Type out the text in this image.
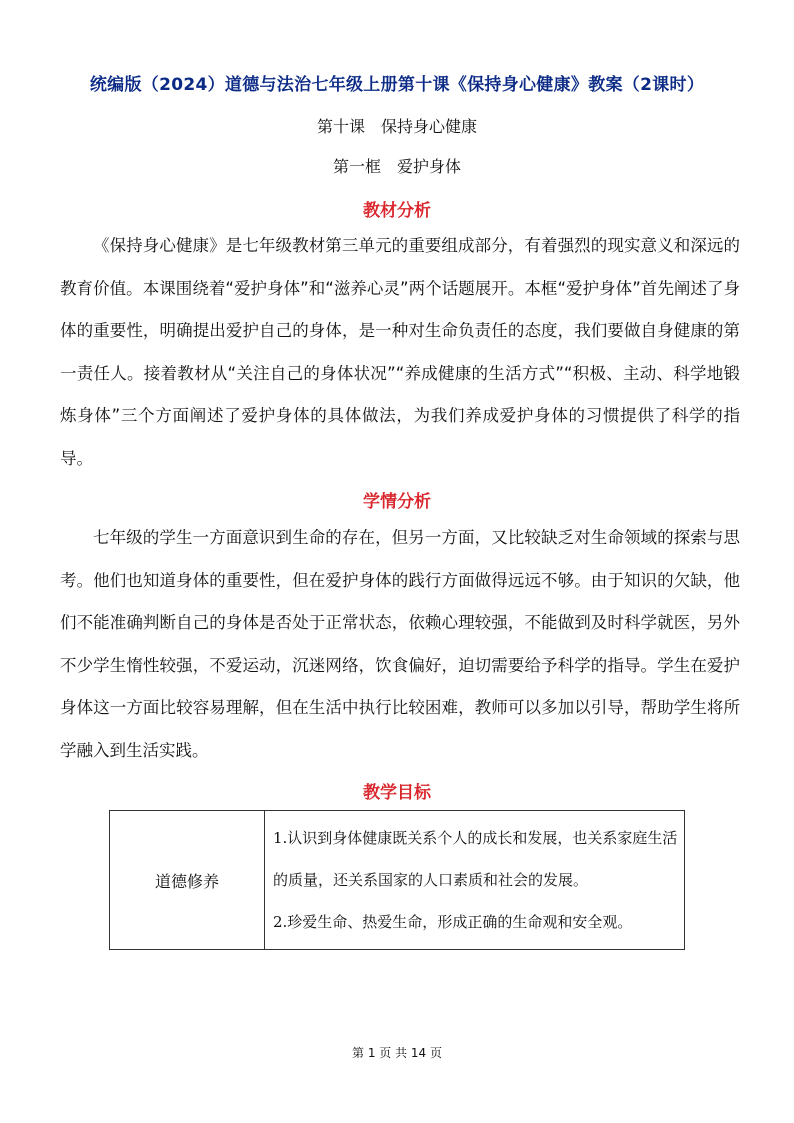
统编版（2024）道德与法治七年级上册第十课《保持身心健康》教案（2课时）
第十课　保持身心健康
第一框　爱护身体
教材分析

《保持身心健康》是七年级教材第三单元的重要组成部分，有着强烈的现实意义和深远的教育价值。本课围绕着“爱护身体”和“滋养心灵”两个话题展开。本框“爱护身体”首先阐述了身体的重要性，明确提出爱护自己的身体，是一种对生命负责任的态度，我们要做自身健康的第一责任人。接着教材从“关注自己的身体状况”“养成健康的生活方式”“积极、主动、科学地锻炼身体”三个方面阐述了爱护身体的具体做法，为我们养成爱护身体的习惯提供了科学的指导。

学情分析

七年级的学生一方面意识到生命的存在，但另一方面，又比较缺乏对生命领域的探索与思考。他们也知道身体的重要性，但在爱护身体的践行方面做得远远不够。由于知识的欠缺，他们不能准确判断自己的身体是否处于正常状态，依赖心理较强，不能做到及时科学就医，另外不少学生惰性较强，不爱运动，沉迷网络，饮食偏好，迫切需要给予科学的指导。学生在爱护身体这一方面比较容易理解，但在生活中执行比较困难，教师可以多加以引导，帮助学生将所学融入到生活实践。

教学目标
道德修养	
1.认识到身体健康既关系个人的成长和发展，也关系家庭生活的质量，还关系国家的人口素质和社会的发展。
2.珍爱生命、热爱生命，形成正确的生命观和安全观。
第 1 页 共 14 页
